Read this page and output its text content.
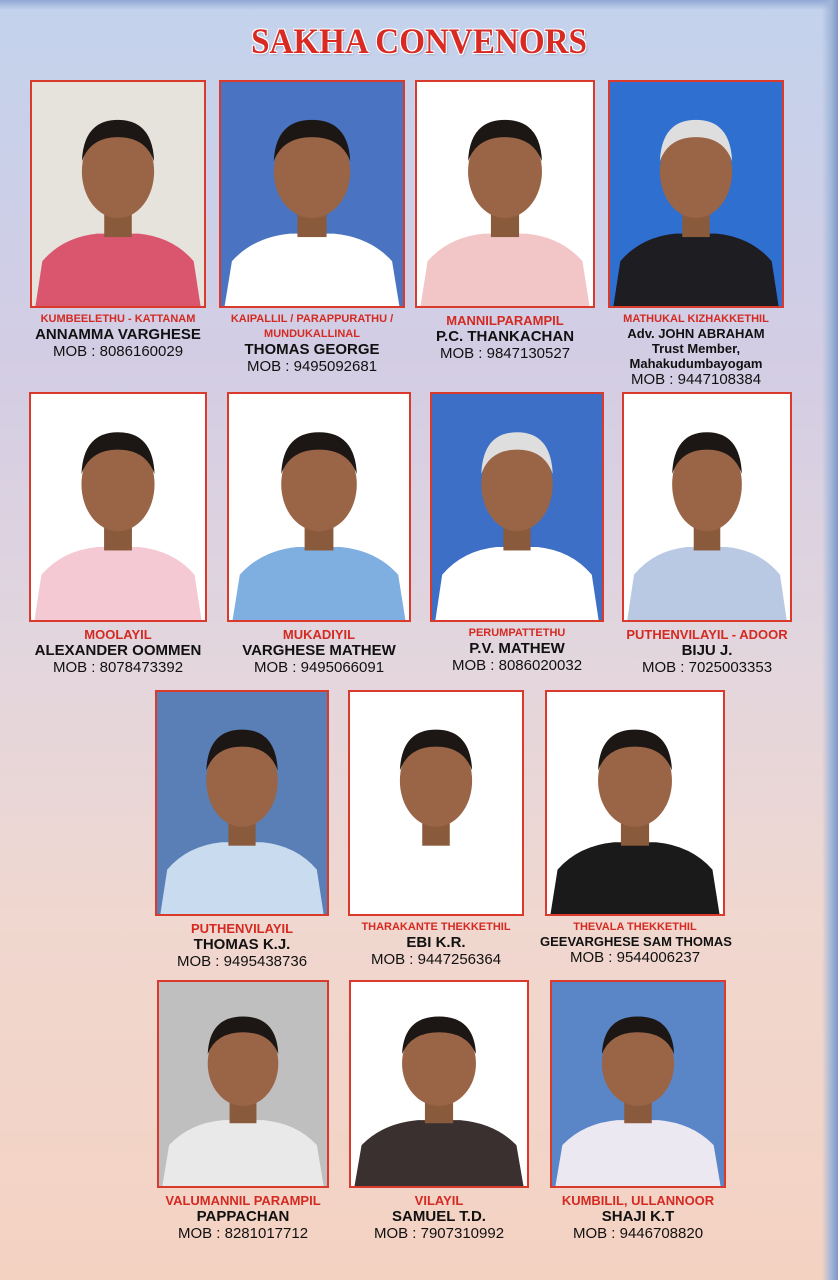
SAKHA CONVENORS
KUMBEELETHU - KATTANAM
ANNAMMA VARGHESE
MOB : 8086160029
KAIPALLIL / PARAPPURATHU /
MUNDUKALLINAL
THOMAS GEORGE
MOB : 9495092681
MANNILPARAMPIL
P.C. THANKACHAN
MOB : 9847130527
MATHUKAL KIZHAKKETHIL
Adv. JOHN ABRAHAM
Trust Member,
Mahakudumbayogam
MOB : 9447108384
MOOLAYIL
ALEXANDER OOMMEN
MOB : 8078473392
MUKADIYIL
VARGHESE MATHEW
MOB : 9495066091
PERUMPATTETHU
P.V. MATHEW
MOB : 8086020032
PUTHENVILAYIL - ADOOR
BIJU J.
MOB : 7025003353
PUTHENVILAYIL
THOMAS K.J.
MOB : 9495438736
THARAKANTE THEKKETHIL
EBI K.R.
MOB : 9447256364
THEVALA THEKKETHIL
GEEVARGHESE SAM THOMAS
MOB : 9544006237
VALUMANNIL PARAMPIL
PAPPACHAN
MOB : 8281017712
VILAYIL
SAMUEL T.D.
MOB : 7907310992
KUMBILIL, ULLANNOOR
SHAJI K.T
MOB : 9446708820
